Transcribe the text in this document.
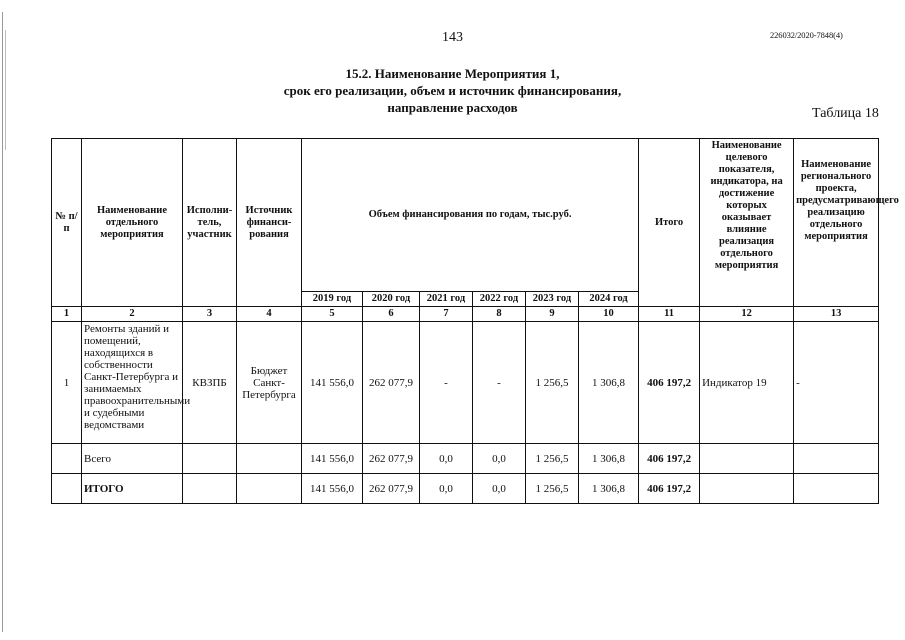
143	226032/2020-7848(4)
15.2. Наименование Мероприятия 1,
срок его реализации, объем и источник финансирования,
направление расходов	Таблица 18
№ п/п	Наименование отдельного мероприятия	Исполни-тель, участник	Источник финанси-рования	Объем финансирования по годам, тыс.руб.						Итого	Наименование целевого показателя, индикатора, на достижение которых оказывает влияние реализация отдельного мероприятия	Наименование регионального проекта, предусматривающего реализацию отдельного мероприятия
				2019 год	2020 год	2021 год	2022 год	2023 год	2024 год			
1	2	3	4	5	6	7	8	9	10	11	12	13
1	Ремонты зданий и помещений, находящихся в собственности Санкт-Петербурга и занимаемых правоохранительными и судебными ведомствами	КВЗПБ	Бюджет Санкт-Петербурга	141 556,0	262 077,9	-	-	1 256,5	1 306,8	406 197,2	Индикатор 19	-
	Всего			141 556,0	262 077,9	0,0	0,0	1 256,5	1 306,8	406 197,2		
	ИТОГО			141 556,0	262 077,9	0,0	0,0	1 256,5	1 306,8	406 197,2		
